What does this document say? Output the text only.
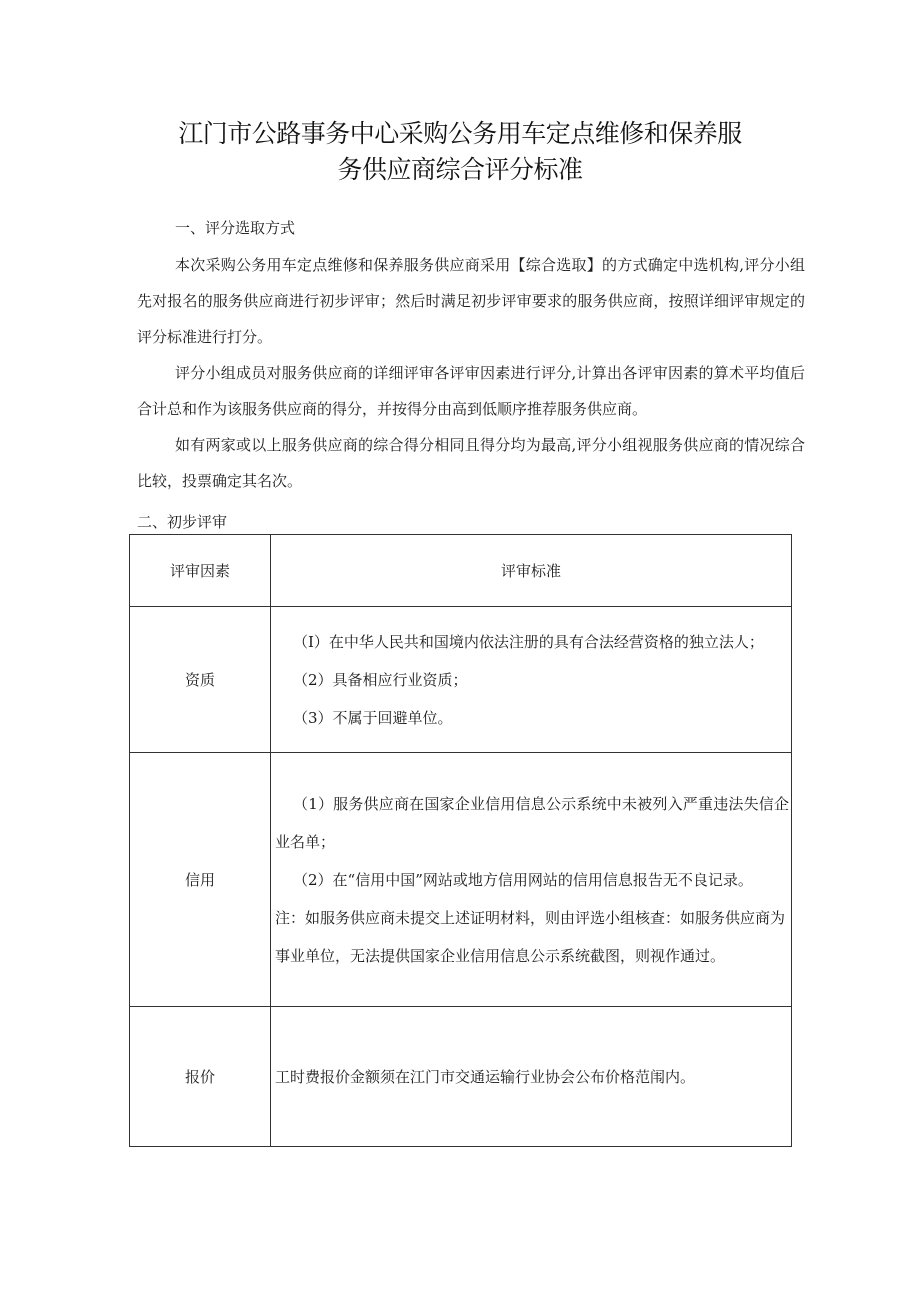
江门市公路事务中心采购公务用车定点维修和保养服
务供应商综合评分标准
一、评分选取方式
本次采购公务用车定点维修和保养服务供应商采用【综合选取】的方式确定中选机构,评分小组先对报名的服务供应商进行初步评审；然后时满足初步评审要求的服务供应商，按照详细评审规定的评分标准进行打分。
评分小组成员对服务供应商的详细评审各评审因素进行评分,计算出各评审因素的算术平均值后合计总和作为该服务供应商的得分，并按得分由高到低顺序推荐服务供应商。
如有两家或以上服务供应商的综合得分相同且得分均为最高,评分小组视服务供应商的情况综合比较，投票确定其名次。
二、初步评审
评审因素	评审标准
资质	（I）在中华人民共和国境内依法注册的具有合法经营资格的独立法人；
（2）具备相应行业资质；
（3）不属于回避单位。

信用	（1）服务供应商在国家企业信用信息公示系统中未被列入严重违法失信企业名单；
（2）在“信用中国”网站或地方信用网站的信用信息报告无不良记录。
注：如服务供应商未提交上述证明材料，则由评选小组核查：如服务供应商为事业单位，无法提供国家企业信用信息公示系统截图，则视作通过。

报价	工时费报价金额须在江门市交通运输行业协会公布价格范闱内。
